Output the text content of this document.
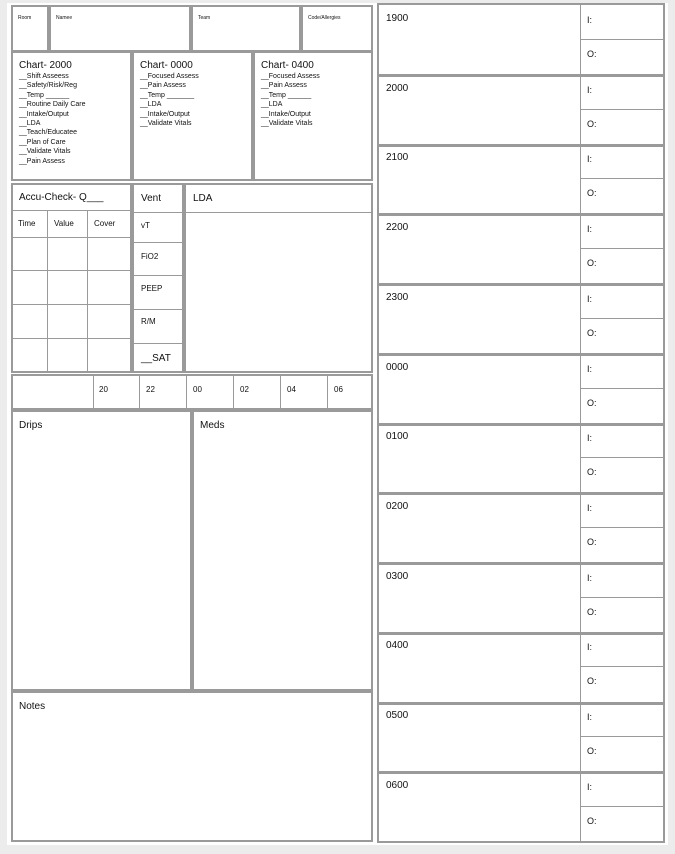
Room	Namee	Team	Code/Allergies
Chart- 2000
__Shift Asseess
__Safety/Risk/Reg
__Temp ______
__Routine Daily Care
__Intake/Output
__LDA
__Teach/Educatee
__Plan of Care
__Validate Vitals
__Pain Assess
Chart- 0000
__Focused Assess
__Pain Assess
__Temp _______
__LDA
__Intake/Output
__Validate Vitals
Chart- 0400
__Focused Assess
__Pain Assess
__Temp ______
__LDA
__Intake/Output
__Validate Vitals
Accu-Check- Q___
Time Value	Cover
Vent
vT
FiO2
PEEP
R/M
__SAT
LDA
20	22	00	02	04	06
Drips	Meds
Notes
1900	I:
O:
2000	I:
O:
2100	I:
O:
2200	I:
O:
2300	I:
O:
0000	I:
O:
0100	I:
O:
0200	I:
O:
0300	I:
O:
0400	I:
O:
0500	I:
O:
0600	I:
O:
